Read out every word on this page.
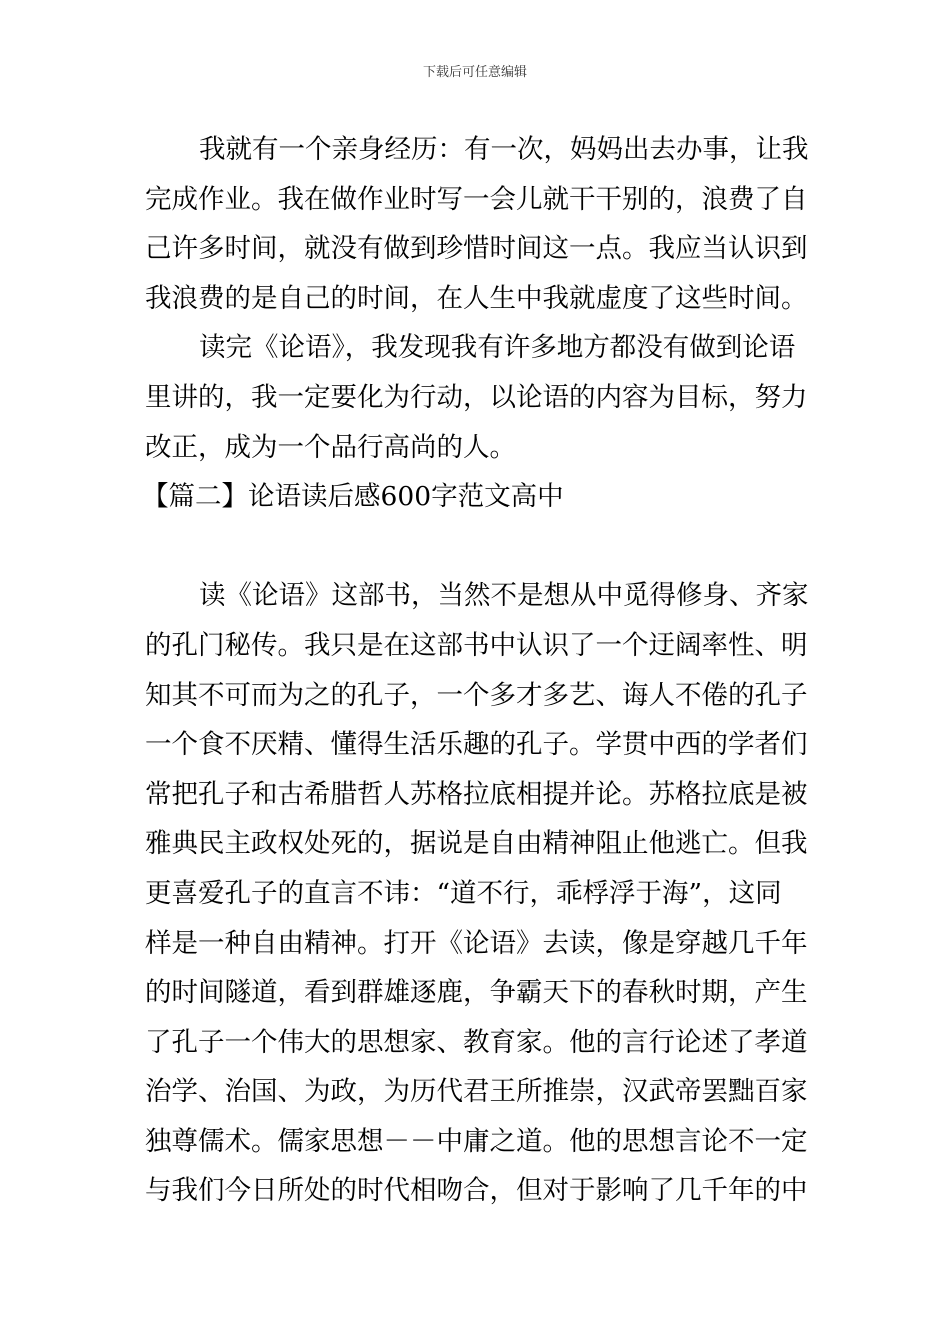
下载后可任意编辑
我就有一个亲身经历：有一次，妈妈出去办事，让我
完成作业。我在做作业时写一会儿就干干别的，浪费了自
己许多时间，就没有做到珍惜时间这一点。我应当认识到
我浪费的是自己的时间，在人生中我就虚度了这些时间。
读完《论语》，我发现我有许多地方都没有做到论语
里讲的，我一定要化为行动，以论语的内容为目标，努力
改正，成为一个品行高尚的人。
【篇二】论语读后感600字范文高中
读《论语》这部书，当然不是想从中觅得修身、齐家
的孔门秘传。我只是在这部书中认识了一个迂阔率性、明
知其不可而为之的孔子，一个多才多艺、诲人不倦的孔子
一个食不厌精、懂得生活乐趣的孔子。学贯中西的学者们
常把孔子和古希腊哲人苏格拉底相提并论。苏格拉底是被
雅典民主政权处死的，据说是自由精神阻止他逃亡。但我
更喜爱孔子的直言不讳：“道不行，乖桴浮于海”，这同
样是一种自由精神。打开《论语》去读，像是穿越几千年
的时间隧道，看到群雄逐鹿，争霸天下的春秋时期，产生
了孔子一个伟大的思想家、教育家。他的言行论述了孝道
治学、治国、为政，为历代君王所推崇，汉武帝罢黜百家
独尊儒术。儒家思想－－中庸之道。他的思想言论不一定
与我们今日所处的时代相吻合，但对于影响了几千年的中
